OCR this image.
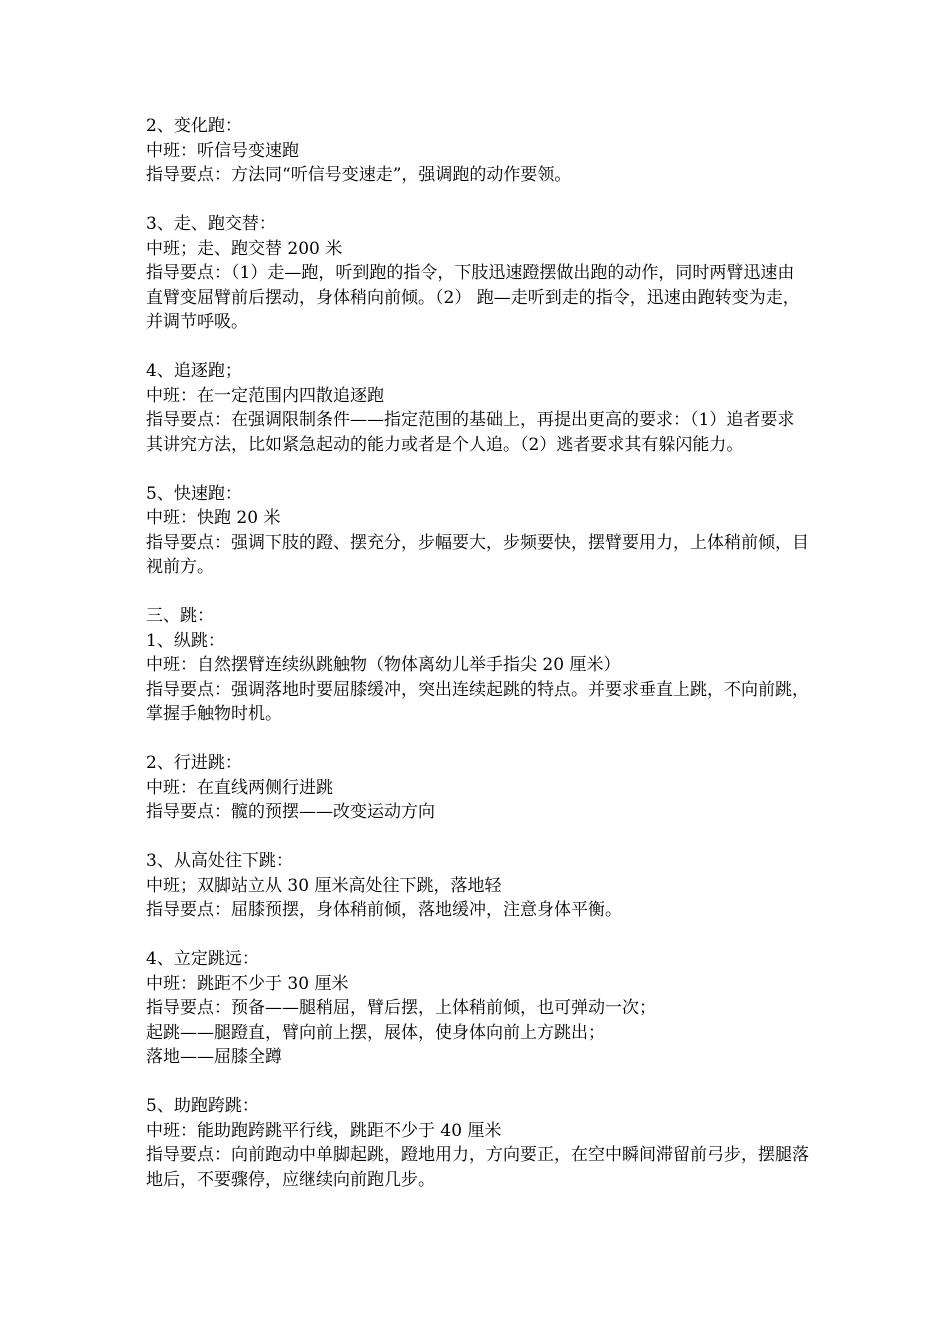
2、变化跑：
中班：听信号变速跑
指导要点：方法同“听信号变速走”，强调跑的动作要领。
3、走、跑交替：
中班；走、跑交替 200 米
指导要点：（1）走—跑，听到跑的指令，下肢迅速蹬摆做出跑的动作，同时两臂迅速由直臂变屈臂前后摆动，身体稍向前倾。（2） 跑—走听到走的指令，迅速由跑转变为走，并调节呼吸。
4、追逐跑；
中班：在一定范围内四散追逐跑
指导要点：在强调限制条件——指定范围的基础上，再提出更高的要求：（1）追者要求其讲究方法，比如紧急起动的能力或者是个人追。（2）逃者要求其有躲闪能力。
5、快速跑：
中班：快跑 20 米
指导要点：强调下肢的蹬、摆充分，步幅要大，步频要快，摆臂要用力，上体稍前倾，目视前方。
三、跳：
1、纵跳：
中班：自然摆臂连续纵跳触物（物体离幼儿举手指尖 20 厘米）
指导要点：强调落地时要屈膝缓冲，突出连续起跳的特点。并要求垂直上跳，不向前跳，掌握手触物时机。
2、行进跳：
中班：在直线两侧行进跳
指导要点：髋的预摆——改变运动方向
3、从高处往下跳：
中班；双脚站立从 30 厘米高处往下跳，落地轻
指导要点：屈膝预摆，身体稍前倾，落地缓冲，注意身体平衡。
4、立定跳远：
中班：跳距不少于 30 厘米
指导要点：预备——腿稍屈，臂后摆，上体稍前倾，也可弹动一次；
起跳——腿蹬直，臂向前上摆，展体，使身体向前上方跳出；
落地——屈膝全蹲
5、助跑跨跳：
中班：能助跑跨跳平行线，跳距不少于 40 厘米
指导要点：向前跑动中单脚起跳，蹬地用力，方向要正，在空中瞬间滞留前弓步，摆腿落地后，不要骤停，应继续向前跑几步。
